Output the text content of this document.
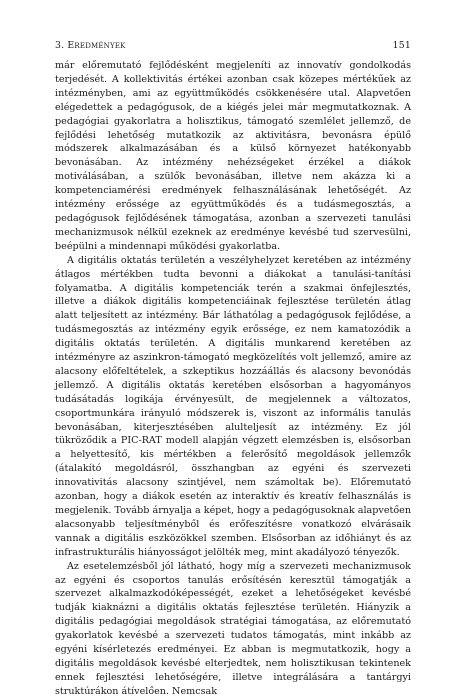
3. Eredmények	151

már előremutató fejlődésként megjeleníti az innovatív gondolkodás terjedését. A kollektivitás értékei azonban csak közepes mértékűek az intézményben, ami az együttműködés csökkenésére utal. Alapvetően elégedettek a pedagógusok, de a kiégés jelei már megmutatkoznak. A pedagógiai gyakorlatra a holisztikus, támogató szemlélet jellemző, de fejlődési lehetőség mutatkozik az aktivitásra, bevonásra épülő módszerek alkalmazásában és a külső környezet hatékonyabb bevonásában. Az intézmény nehézségeket érzékel a diákok motiválásában, a szülők bevonásában, illetve nem akázza ki a kompetenciamérési eredmények felhasználásának lehetőségét. Az intézmény erőssége az együttműködés és a tudásmegosztás, a pedagógusok fejlődésének támogatása, azonban a szervezeti tanulási mechanizmusok nélkül ezeknek az eredménye kevésbé tud szervesülni, beépülni a mindennapi működési gyakorlatba.

A digitális oktatás területén a veszélyhelyzet keretében az intézmény átlagos mértékben tudta bevonni a diákokat a tanulási-tanítási folyamatba. A digitális kompetenciák terén a szakmai önfejlesztés, illetve a diákok digitális kompetenciáinak fejlesztése területén átlag alatt teljesített az intézmény. Bár láthatólag a pedagógusok fejlődése, a tudásmegosztás az intézmény egyik erőssége, ez nem kamatozódik a digitális oktatás területén. A digitális munkarend keretében az intézményre az aszinkron-támogató megközelítés volt jellemző, amire az alacsony előfeltételek, a szkeptikus hozzáállás és alacsony bevonódás jellemző. A digitális oktatás keretében elsősorban a hagyományos tudásátadás logikája érvényesült, de megjelennek a változatos, csoportmunkára irányuló módszerek is, viszont az informális tanulás bevonásában, kiterjesztésében alulteljesít az intézmény. Ez jól tükröződik a PIC-RAT modell alapján végzett elemzésben is, elsősorban a helyettesítő, kis mértékben a felerősítő megoldások jellemzők (átalakító megoldásról, összhangban az egyéni és szervezeti innovativitás alacsony szintjével, nem számoltak be). Előremutató azonban, hogy a diákok esetén az interaktív és kreatív felhasználás is megjelenik. Tovább árnyalja a képet, hogy a pedagógusoknak alapvetően alacsonyabb teljesítményből és erőfeszítésre vonatkozó elvárásaik vannak a digitális eszközökkel szemben. Elsősorban az időhiányt és az infrastrukturális hiányosságot jelölték meg, mint akadályozó tényezők.

Az esetelemzésből jól látható, hogy míg a szervezeti mechanizmusok az egyéni és csoportos tanulás erősítésén keresztül támogatják a szervezet alkalmazkodóképességét, ezeket a lehetőségeket kevésbé tudják kiaknázni a digitális oktatás fejlesztése területén. Hiányzik a digitális pedagógiai megoldások stratégiai támogatása, az előremutató gyakorlatok kevésbé a szervezeti tudatos támogatás, mint inkább az egyéni kísérletezés eredményei. Ez abban is megmutatkozik, hogy a digitális megoldások kevésbé elterjedtek, nem holisztikusan tekintenek ennek fejlesztési lehetőségére, illetve integrálására a tantárgyi struktúrákon átívelően. Nemcsak
